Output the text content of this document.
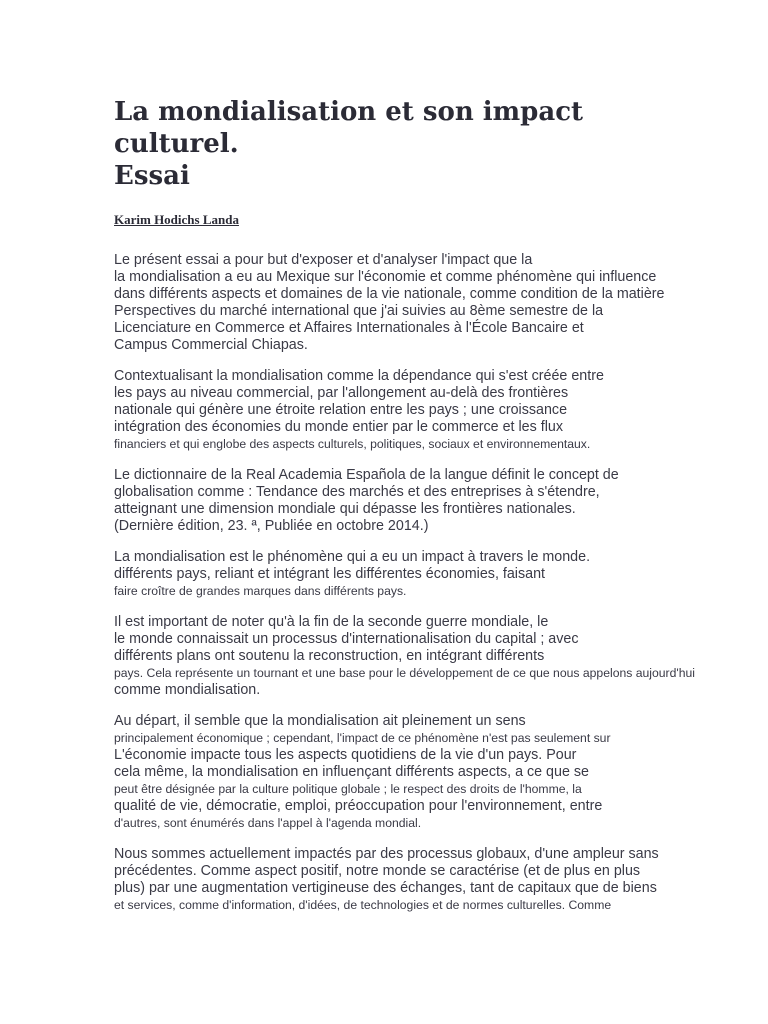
La mondialisation et son impact culturel.
Essai
Karim Hodichs Landa
Le présent essai a pour but d'exposer et d'analyser l'impact que la
la mondialisation a eu au Mexique sur l'économie et comme phénomène qui influence
dans différents aspects et domaines de la vie nationale, comme condition de la matière
Perspectives du marché international que j'ai suivies au 8ème semestre de la
Licenciature en Commerce et Affaires Internationales à l'École Bancaire et
Campus Commercial Chiapas.
Contextualisant la mondialisation comme la dépendance qui s'est créée entre
les pays au niveau commercial, par l'allongement au-delà des frontières
nationale qui génère une étroite relation entre les pays ; une croissance
intégration des économies du monde entier par le commerce et les flux
financiers et qui englobe des aspects culturels, politiques, sociaux et environnementaux.
Le dictionnaire de la Real Academia Española de la langue définit le concept de
globalisation comme : Tendance des marchés et des entreprises à s'étendre,
atteignant une dimension mondiale qui dépasse les frontières nationales.
(Dernière édition, 23. ª, Publiée en octobre 2014.)
La mondialisation est le phénomène qui a eu un impact à travers le monde.
différents pays, reliant et intégrant les différentes économies, faisant
faire croître de grandes marques dans différents pays.
Il est important de noter qu'à la fin de la seconde guerre mondiale, le
le monde connaissait un processus d'internationalisation du capital ; avec
différents plans ont soutenu la reconstruction, en intégrant différents
pays. Cela représente un tournant et une base pour le développement de ce que nous appelons aujourd'hui
comme mondialisation.
Au départ, il semble que la mondialisation ait pleinement un sens
principalement économique ; cependant, l'impact de ce phénomène n'est pas seulement sur
L'économie impacte tous les aspects quotidiens de la vie d'un pays. Pour
cela même, la mondialisation en influençant différents aspects, a ce que se
peut être désignée par la culture politique globale ; le respect des droits de l'homme, la
qualité de vie, démocratie, emploi, préoccupation pour l'environnement, entre
d'autres, sont énumérés dans l'appel à l'agenda mondial.
Nous sommes actuellement impactés par des processus globaux, d'une ampleur sans
précédentes. Comme aspect positif, notre monde se caractérise (et de plus en plus
plus) par une augmentation vertigineuse des échanges, tant de capitaux que de biens
et services, comme d'information, d'idées, de technologies et de normes culturelles. Comme
